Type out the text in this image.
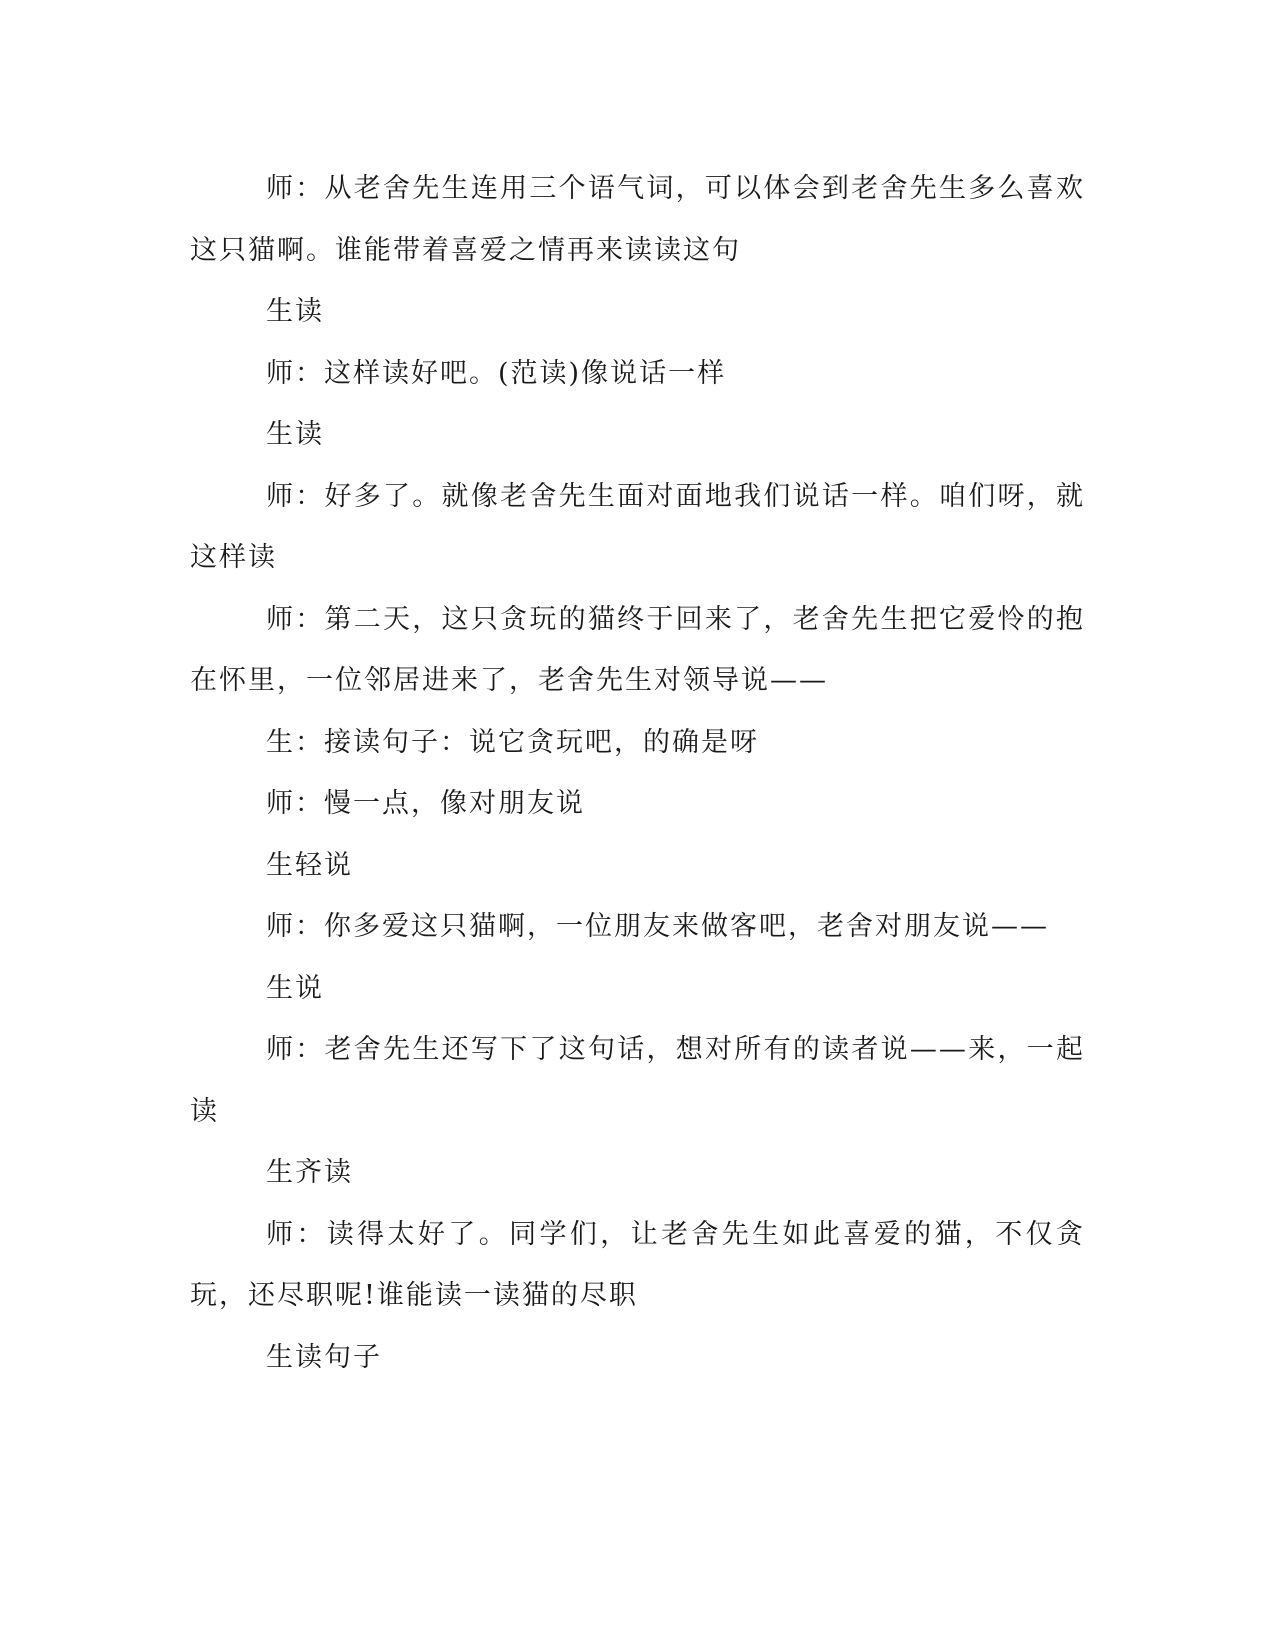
师：从老舍先生连用三个语气词，可以体会到老舍先生多么喜欢这只猫啊。谁能带着喜爱之情再来读读这句

生读

师：这样读好吧。(范读)像说话一样

生读

师：好多了。就像老舍先生面对面地我们说话一样。咱们呀，就这样读

师：第二天，这只贪玩的猫终于回来了，老舍先生把它爱怜的抱在怀里，一位邻居进来了，老舍先生对领导说——

生：接读句子：说它贪玩吧，的确是呀

师：慢一点，像对朋友说

生轻说

师：你多爱这只猫啊，一位朋友来做客吧，老舍对朋友说——

生说

师：老舍先生还写下了这句话，想对所有的读者说——来，一起读

生齐读

师：读得太好了。同学们，让老舍先生如此喜爱的猫，不仅贪玩，还尽职呢!谁能读一读猫的尽职

生读句子
